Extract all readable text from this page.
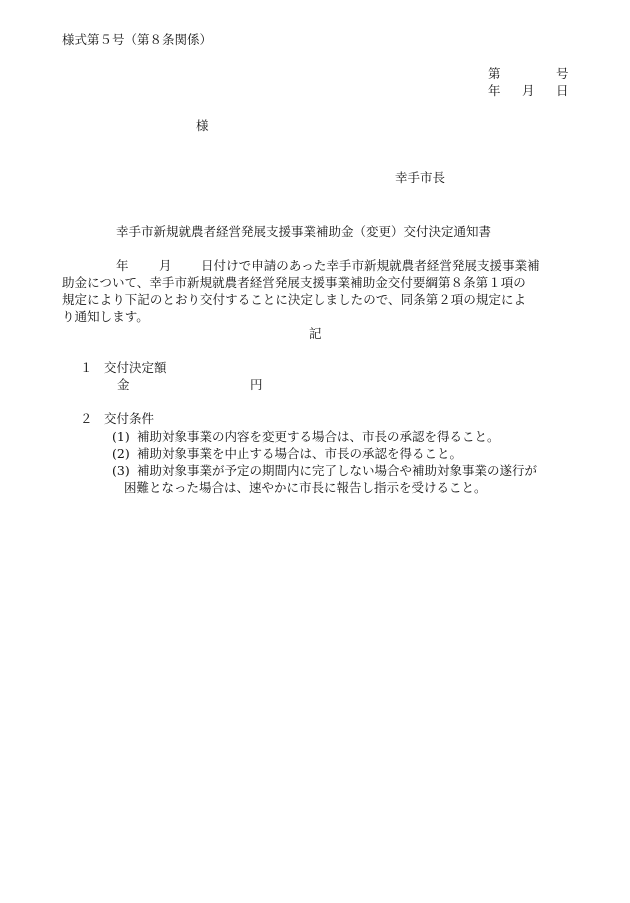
様式第５号（第８条関係）
第	号
年 月 日
様
幸手市長
幸手市新規就農者経営発展支援事業補助金（変更）交付決定通知書
年 月 日付けで申請のあった幸手市新規就農者経営発展支援事業補
助金について、幸手市新規就農者経営発展支援事業補助金交付要綱第８条第１項の
規定により下記のとおり交付することに決定しましたので、同条第２項の規定によ
り通知します。
記
１ 交付決定額
金	円
２ 交付条件
(1) 補助対象事業の内容を変更する場合は、市長の承認を得ること。
(2) 補助対象事業を中止する場合は、市長の承認を得ること。
(3) 補助対象事業が予定の期間内に完了しない場合や補助対象事業の遂行が
困難となった場合は、速やかに市長に報告し指示を受けること。
